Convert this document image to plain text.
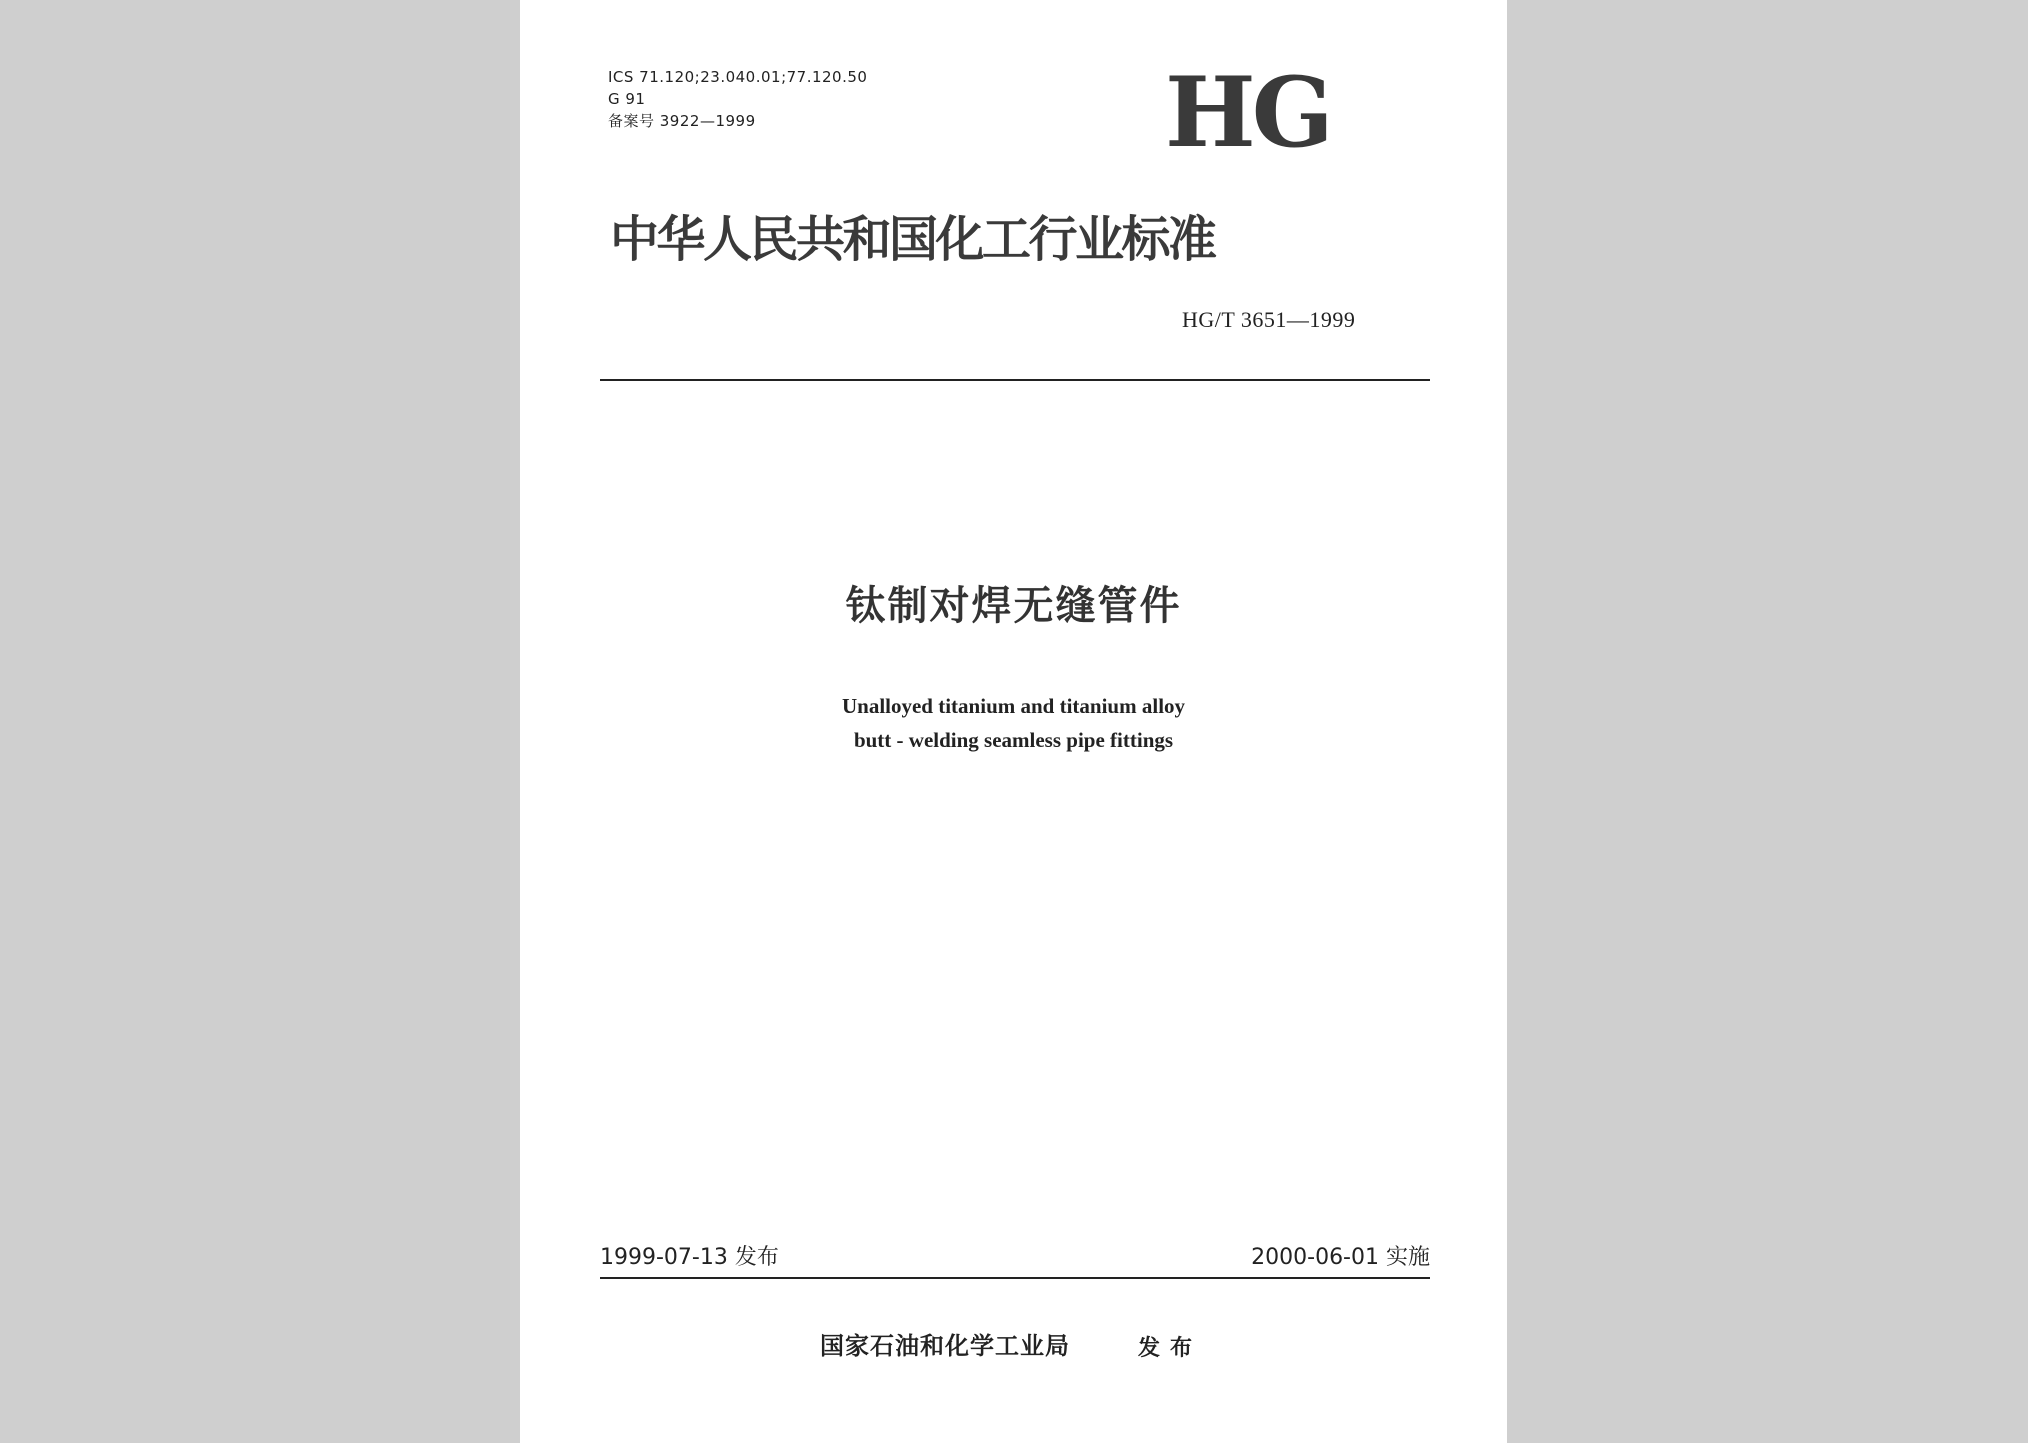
ICS 71.120;23.040.01;77.120.50
G 91
备案号 3922—1999	HG
中华人民共和国化工行业标准
HG/T 3651—1999
钛制对焊无缝管件
Unalloyed titanium and titanium alloy
butt - welding seamless pipe fittings
1999-07-13 发布	2000-06-01 实施
国家石油和化学工业局	发布
